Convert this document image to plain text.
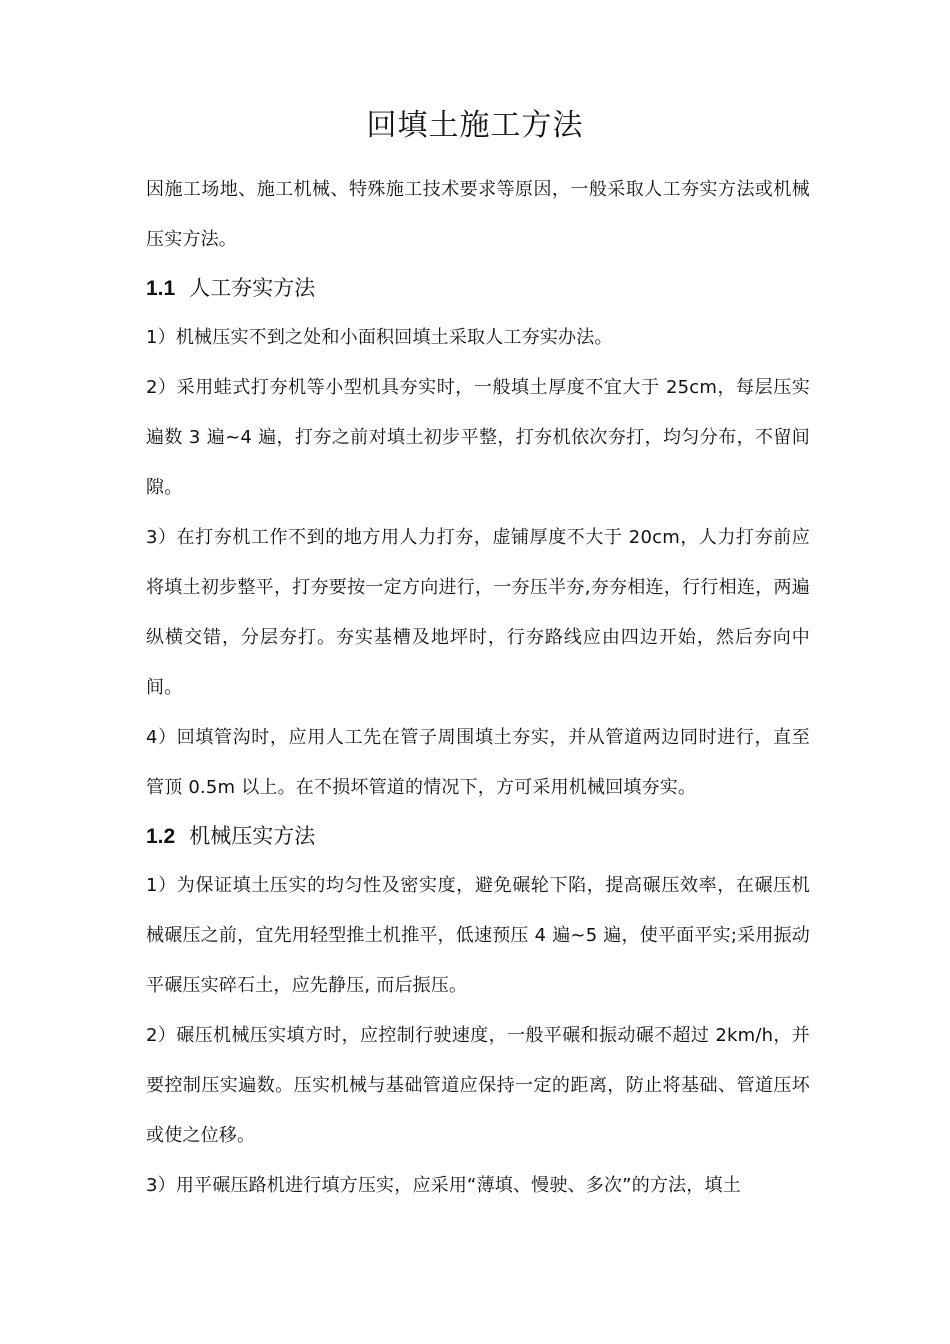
回填土施工方法

因施工场地、施工机械、特殊施工技术要求等原因，一般采取人工夯实方法或机械压实方法。

1.1 人工夯实方法

1）机械压实不到之处和小面积回填土采取人工夯实办法。

2）采用蛙式打夯机等小型机具夯实时，一般填土厚度不宜大于 25cm，每层压实遍数 3 遍~4 遍，打夯之前对填土初步平整，打夯机依次夯打，均匀分布，不留间隙。

3）在打夯机工作不到的地方用人力打夯，虚铺厚度不大于 20cm，人力打夯前应将填土初步整平，打夯要按一定方向进行，一夯压半夯,夯夯相连，行行相连，两遍纵横交错，分层夯打。夯实基槽及地坪时，行夯路线应由四边开始，然后夯向中间。

4）回填管沟时，应用人工先在管子周围填土夯实，并从管道两边同时进行，直至管顶 0.5m 以上。在不损坏管道的情况下，方可采用机械回填夯实。

1.2 机械压实方法

1）为保证填土压实的均匀性及密实度，避免碾轮下陷，提高碾压效率，在碾压机械碾压之前，宜先用轻型推土机推平，低速预压 4 遍~5 遍，使平面平实;采用振动平碾压实碎石土，应先静压, 而后振压。

2）碾压机械压实填方时，应控制行驶速度，一般平碾和振动碾不超过 2km/h，并要控制压实遍数。压实机械与基础管道应保持一定的距离，防止将基础、管道压坏或使之位移。

3）用平碾压路机进行填方压实，应采用“薄填、慢驶、多次”的方法，填土
